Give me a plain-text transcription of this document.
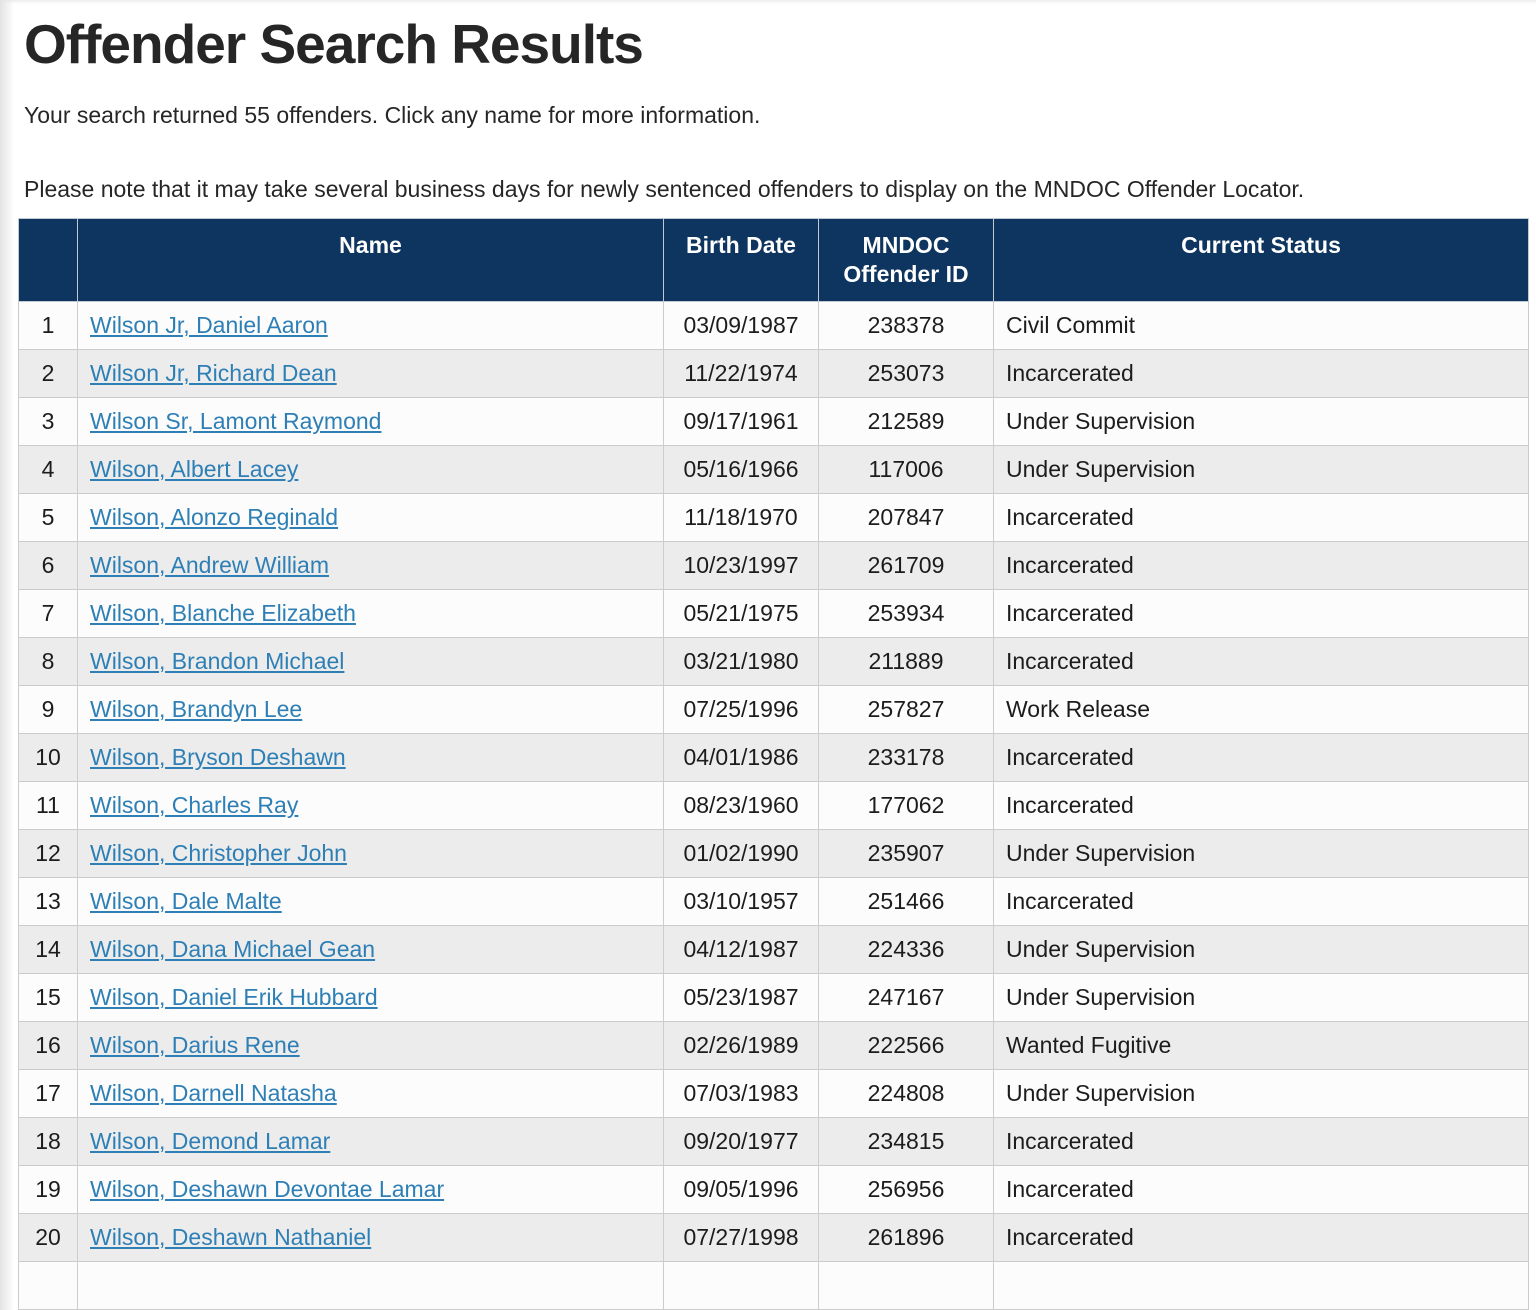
Offender Search Results

Your search returned 55 offenders. Click any name for more information.

Please note that it may take several business days for newly sentenced offenders to display on the MNDOC Offender Locator.

	Name	Birth Date	MNDOC Offender ID	Current Status
1	Wilson Jr, Daniel Aaron	03/09/1987	238378	Civil Commit
2	Wilson Jr, Richard Dean	11/22/1974	253073	Incarcerated
3	Wilson Sr, Lamont Raymond	09/17/1961	212589	Under Supervision
4	Wilson, Albert Lacey	05/16/1966	117006	Under Supervision
5	Wilson, Alonzo Reginald	11/18/1970	207847	Incarcerated
6	Wilson, Andrew William	10/23/1997	261709	Incarcerated
7	Wilson, Blanche Elizabeth	05/21/1975	253934	Incarcerated
8	Wilson, Brandon Michael	03/21/1980	211889	Incarcerated
9	Wilson, Brandyn Lee	07/25/1996	257827	Work Release
10	Wilson, Bryson Deshawn	04/01/1986	233178	Incarcerated
11	Wilson, Charles Ray	08/23/1960	177062	Incarcerated
12	Wilson, Christopher John	01/02/1990	235907	Under Supervision
13	Wilson, Dale Malte	03/10/1957	251466	Incarcerated
14	Wilson, Dana Michael Gean	04/12/1987	224336	Under Supervision
15	Wilson, Daniel Erik Hubbard	05/23/1987	247167	Under Supervision
16	Wilson, Darius Rene	02/26/1989	222566	Wanted Fugitive
17	Wilson, Darnell Natasha	07/03/1983	224808	Under Supervision
18	Wilson, Demond Lamar	09/20/1977	234815	Incarcerated
19	Wilson, Deshawn Devontae Lamar	09/05/1996	256956	Incarcerated
20	Wilson, Deshawn Nathaniel	07/27/1998	261896	Incarcerated
